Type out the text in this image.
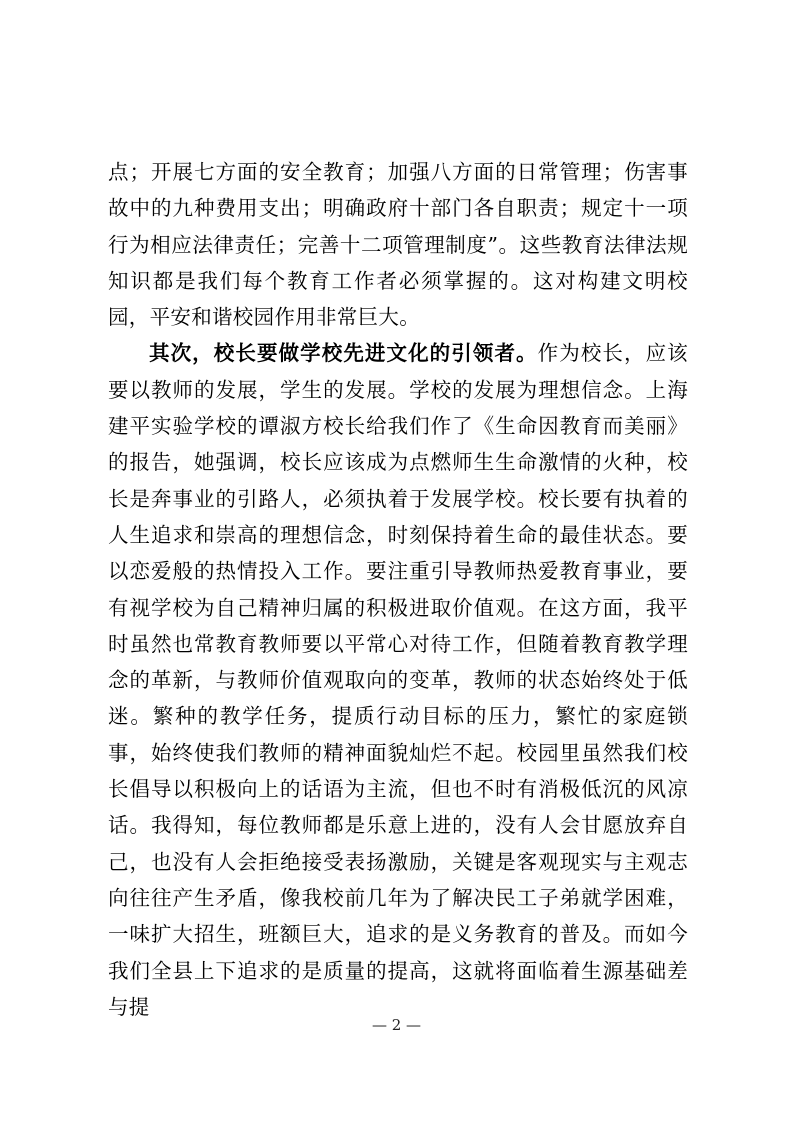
点；开展七方面的安全教育；加强八方面的日常管理；伤害事故中的九种费用支出；明确政府十部门各自职责；规定十一项行为相应法律责任；完善十二项管理制度”。这些教育法律法规知识都是我们每个教育工作者必须掌握的。这对构建文明校园，平安和谐校园作用非常巨大。

其次，校长要做学校先进文化的引领者。作为校长，应该要以教师的发展，学生的发展。学校的发展为理想信念。上海建平实验学校的谭淑方校长给我们作了《生命因教育而美丽》的报告，她强调，校长应该成为点燃师生生命激情的火种，校长是奔事业的引路人，必须执着于发展学校。校长要有执着的人生追求和崇高的理想信念，时刻保持着生命的最佳状态。要以恋爱般的热情投入工作。要注重引导教师热爱教育事业，要有视学校为自己精神归属的积极进取价值观。在这方面，我平时虽然也常教育教师要以平常心对待工作，但随着教育教学理念的革新，与教师价值观取向的变革，教师的状态始终处于低迷。繁种的教学任务，提质行动目标的压力，繁忙的家庭锁事，始终使我们教师的精神面貌灿烂不起。校园里虽然我们校长倡导以积极向上的话语为主流，但也不时有消极低沉的风凉话。我得知，每位教师都是乐意上进的，没有人会甘愿放弃自己，也没有人会拒绝接受表扬激励，关键是客观现实与主观志向往往产生矛盾，像我校前几年为了解决民工子弟就学困难，一味扩大招生，班额巨大，追求的是义务教育的普及。而如今我们全县上下追求的是质量的提高，这就将面临着生源基础差与提

— 2 —
